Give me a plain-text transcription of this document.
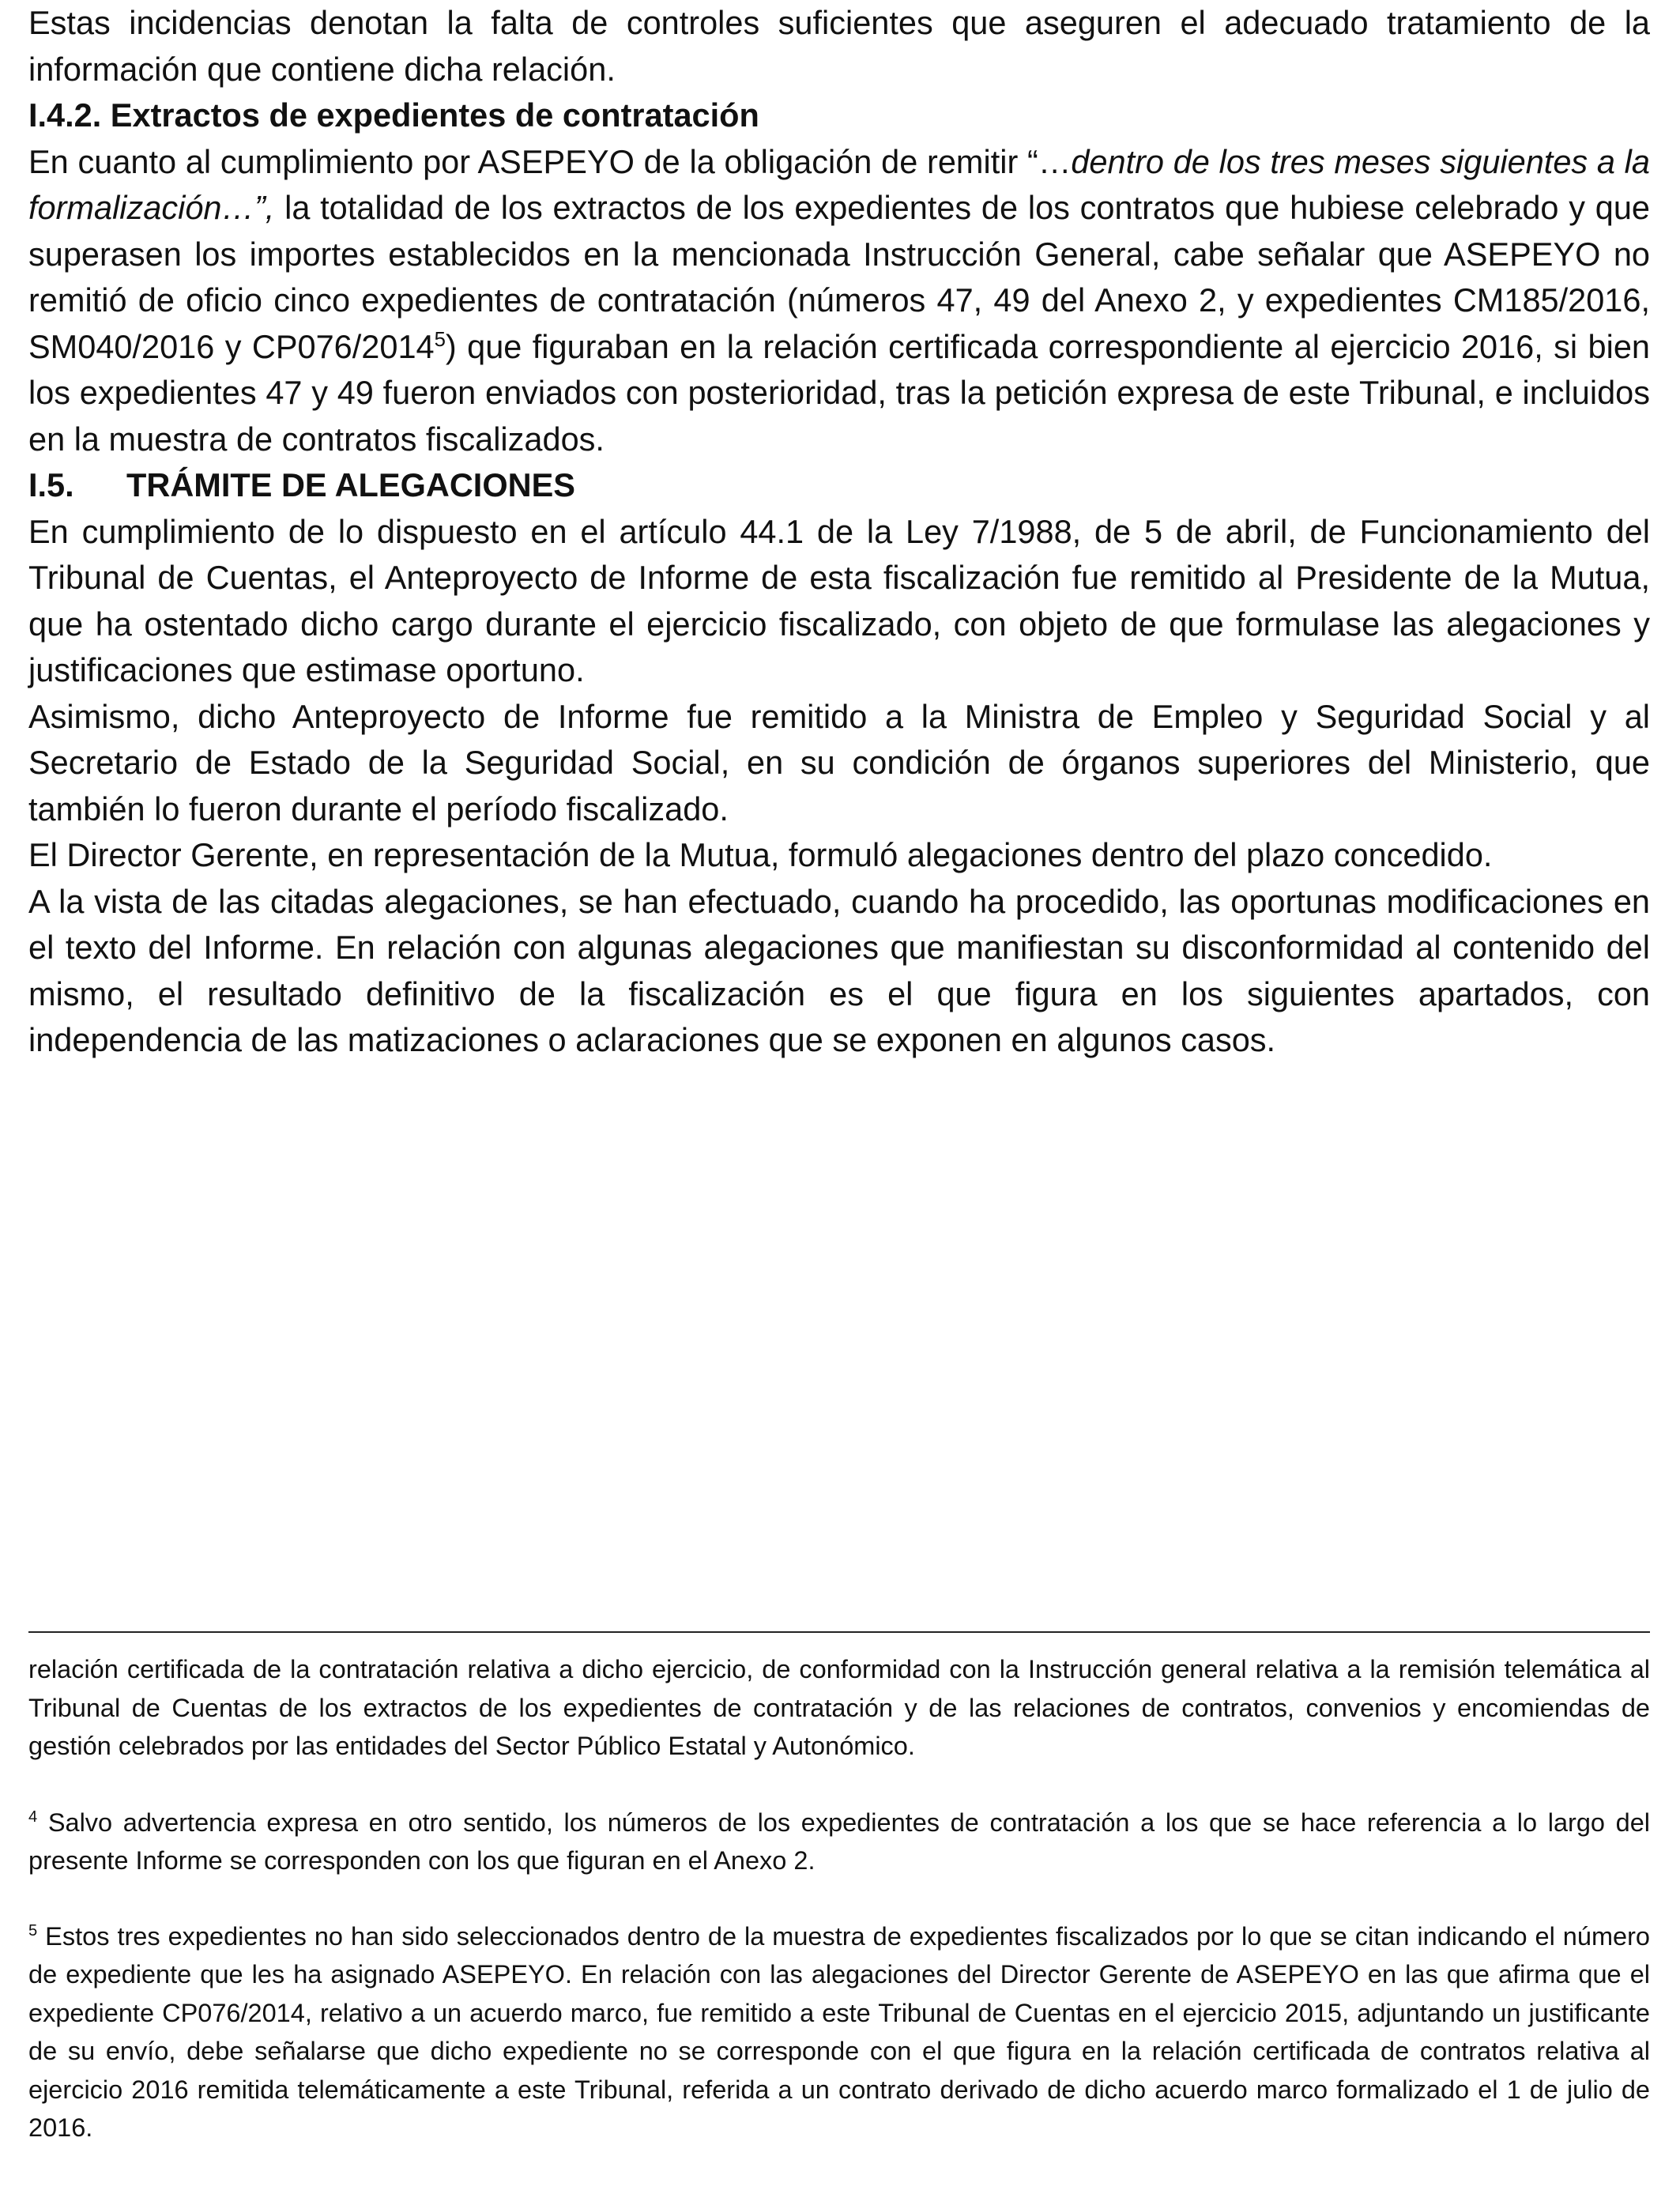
Estas incidencias denotan la falta de controles suficientes que aseguren el adecuado tratamiento de la información que contiene dicha relación.

I.4.2. Extractos de expedientes de contratación

En cuanto al cumplimiento por ASEPEYO de la obligación de remitir “…dentro de los tres meses siguientes a la formalización…”, la totalidad de los extractos de los expedientes de los contratos que hubiese celebrado y que superasen los importes establecidos en la mencionada Instrucción General, cabe señalar que ASEPEYO no remitió de oficio cinco expedientes de contratación (números 47, 49 del Anexo 2, y expedientes CM185/2016, SM040/2016 y CP076/2014$^5$) que figuraban en la relación certificada correspondiente al ejercicio 2016, si bien los expedientes 47 y 49 fueron enviados con posterioridad, tras la petición expresa de este Tribunal, e incluidos en la muestra de contratos fiscalizados.

I.5. TRÁMITE DE ALEGACIONES

En cumplimiento de lo dispuesto en el artículo 44.1 de la Ley 7/1988, de 5 de abril, de Funcionamiento del Tribunal de Cuentas, el Anteproyecto de Informe de esta fiscalización fue remitido al Presidente de la Mutua, que ha ostentado dicho cargo durante el ejercicio fiscalizado, con objeto de que formulase las alegaciones y justificaciones que estimase oportuno.

Asimismo, dicho Anteproyecto de Informe fue remitido a la Ministra de Empleo y Seguridad Social y al Secretario de Estado de la Seguridad Social, en su condición de órganos superiores del Ministerio, que también lo fueron durante el período fiscalizado.

El Director Gerente, en representación de la Mutua, formuló alegaciones dentro del plazo concedido.

A la vista de las citadas alegaciones, se han efectuado, cuando ha procedido, las oportunas modificaciones en el texto del Informe. En relación con algunas alegaciones que manifiestan su disconformidad al contenido del mismo, el resultado definitivo de la fiscalización es el que figura en los siguientes apartados, con independencia de las matizaciones o aclaraciones que se exponen en algunos casos.

relación certificada de la contratación relativa a dicho ejercicio, de conformidad con la Instrucción general relativa a la remisión telemática al Tribunal de Cuentas de los extractos de los expedientes de contratación y de las relaciones de contratos, convenios y encomiendas de gestión celebrados por las entidades del Sector Público Estatal y Autonómico.

$^4$ Salvo advertencia expresa en otro sentido, los números de los expedientes de contratación a los que se hace referencia a lo largo del presente Informe se corresponden con los que figuran en el Anexo 2.

$^5$ Estos tres expedientes no han sido seleccionados dentro de la muestra de expedientes fiscalizados por lo que se citan indicando el número de expediente que les ha asignado ASEPEYO. En relación con las alegaciones del Director Gerente de ASEPEYO en las que afirma que el expediente CP076/2014, relativo a un acuerdo marco, fue remitido a este Tribunal de Cuentas en el ejercicio 2015, adjuntando un justificante de su envío, debe señalarse que dicho expediente no se corresponde con el que figura en la relación certificada de contratos relativa al ejercicio 2016 remitida telemáticamente a este Tribunal, referida a un contrato derivado de dicho acuerdo marco formalizado el 1 de julio de 2016.
